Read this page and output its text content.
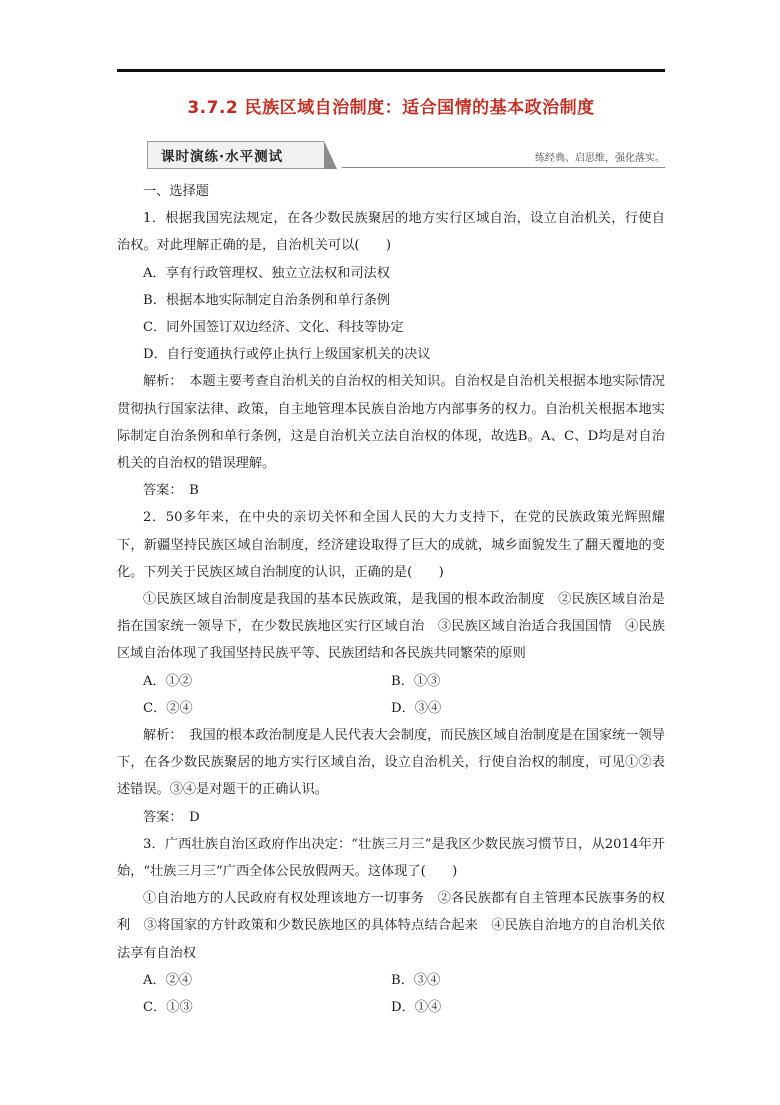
3.7.2 民族区域自治制度：适合国情的基本政治制度
课时演练·水平测试	练经典、启思维，强化落实。

一、选择题

1．根据我国宪法规定，在各少数民族聚居的地方实行区域自治，设立自治机关，行使自治权。对此理解正确的是，自治机关可以(　　)

A．享有行政管理权、独立立法权和司法权

B．根据本地实际制定自治条例和单行条例

C．同外国签订双边经济、文化、科技等协定

D．自行变通执行或停止执行上级国家机关的决议

解析：　本题主要考查自治机关的自治权的相关知识。自治权是自治机关根据本地实际情况贯彻执行国家法律、政策，自主地管理本民族自治地方内部事务的权力。自治机关根据本地实际制定自治条例和单行条例，这是自治机关立法自治权的体现，故选B。A、C、D均是对自治机关的自治权的错误理解。

答案：　B

2．50多年来，在中央的亲切关怀和全国人民的大力支持下，在党的民族政策光辉照耀下，新疆坚持民族区域自治制度，经济建设取得了巨大的成就，城乡面貌发生了翻天覆地的变化。下列关于民族区域自治制度的认识，正确的是(　　)

①民族区域自治制度是我国的基本民族政策，是我国的根本政治制度　②民族区域自治是指在国家统一领导下，在少数民族地区实行区域自治　③民族区域自治适合我国国情　④民族区域自治体现了我国坚持民族平等、民族团结和各民族共同繁荣的原则

A．①②	B．①③
C．②④	D．③④

解析：　我国的根本政治制度是人民代表大会制度，而民族区域自治制度是在国家统一领导下，在各少数民族聚居的地方实行区域自治，设立自治机关，行使自治权的制度，可见①②表述错误。③④是对题干的正确认识。

答案：　D

3．广西壮族自治区政府作出决定：“壮族三月三”是我区少数民族习惯节日，从2014年开始，“壮族三月三”广西全体公民放假两天。这体现了(　　)

①自治地方的人民政府有权处理该地方一切事务　②各民族都有自主管理本民族事务的权利　③将国家的方针政策和少数民族地区的具体特点结合起来　④民族自治地方的自治机关依法享有自治权

A．②④	B．③④
C．①③	D．①④
